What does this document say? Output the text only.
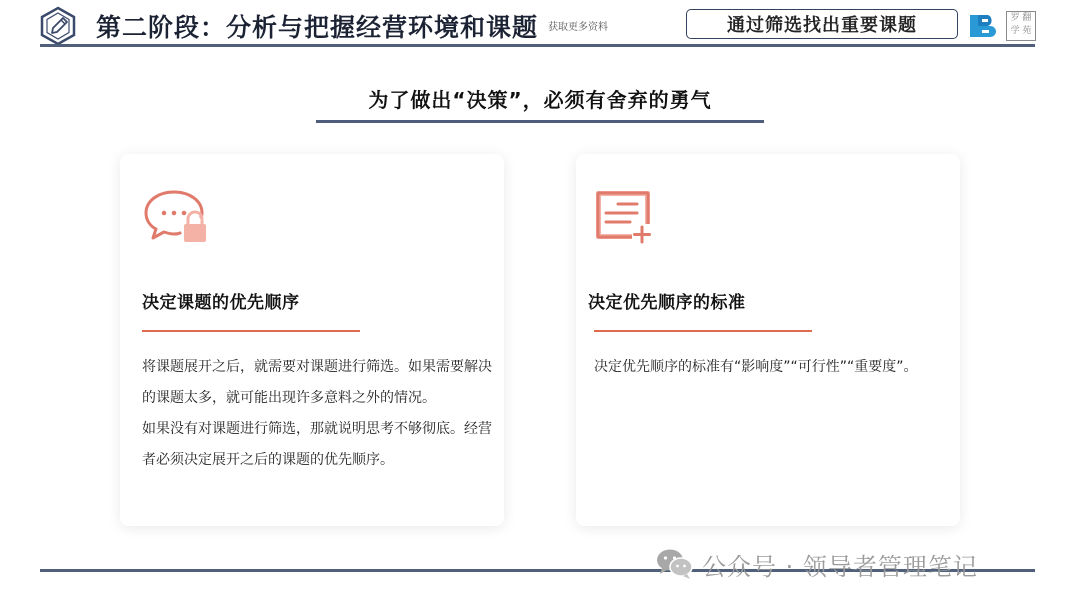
第二阶段：分析与把握经营环境和课题 获取更多资料	通过筛选找出重要课题	罗 翻
学 苑
为了做出“决策”，必须有舍弃的勇气
决定课题的优先顺序

将课题展开之后，就需要对课题进行筛选。如果需要解决的课题太多，就可能出现许多意料之外的情况。

如果没有对课题进行筛选，那就说明思考不够彻底。经营者必须决定展开之后的课题的优先顺序。

决定优先顺序的标准

决定优先顺序的标准有“影响度”“可行性”“重要度”。

公众号 · 领导者管理笔记
